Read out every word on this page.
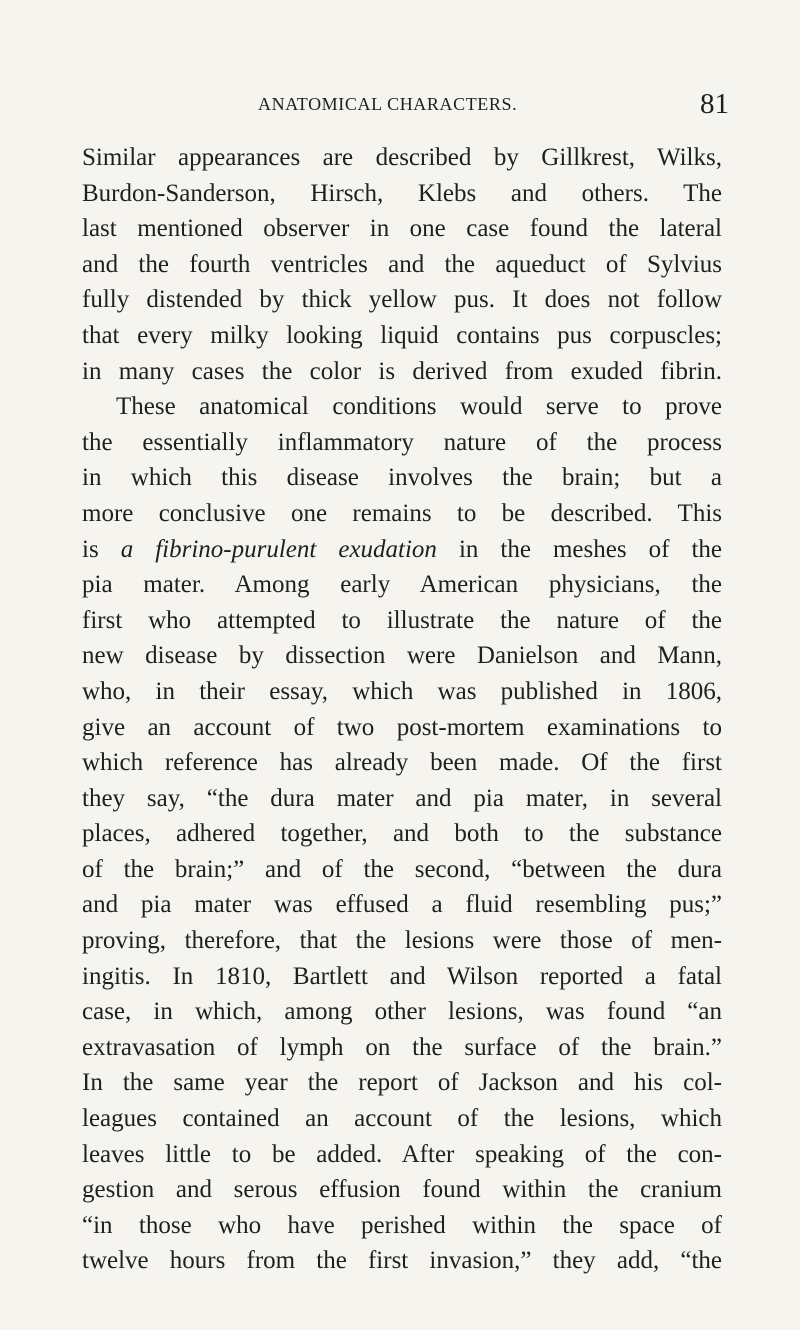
ANATOMICAL CHARACTERS.	81
Similar appearances are described by Gillkrest, Wilks,
Burdon-Sanderson, Hirsch, Klebs and others. The
last mentioned observer in one case found the lateral
and the fourth ventricles and the aqueduct of Sylvius
fully distended by thick yellow pus. It does not follow
that every milky looking liquid contains pus corpuscles;
in many cases the color is derived from exuded fibrin.
These anatomical conditions would serve to prove
the essentially inflammatory nature of the process
in which this disease involves the brain; but a
more conclusive one remains to be described. This
is a fibrino-purulent exudation in the meshes of the
pia mater. Among early American physicians, the
first who attempted to illustrate the nature of the
new disease by dissection were Danielson and Mann,
who, in their essay, which was published in 1806,
give an account of two post-mortem examinations to
which reference has already been made. Of the first
they say, “the dura mater and pia mater, in several
places, adhered together, and both to the substance
of the brain;” and of the second, “between the dura
and pia mater was effused a fluid resembling pus;”
proving, therefore, that the lesions were those of men-
ingitis. In 1810, Bartlett and Wilson reported a fatal
case, in which, among other lesions, was found “an
extravasation of lymph on the surface of the brain.”
In the same year the report of Jackson and his col-
leagues contained an account of the lesions, which
leaves little to be added. After speaking of the con-
gestion and serous effusion found within the cranium
“in those who have perished within the space of
twelve hours from the first invasion,” they add, “the
